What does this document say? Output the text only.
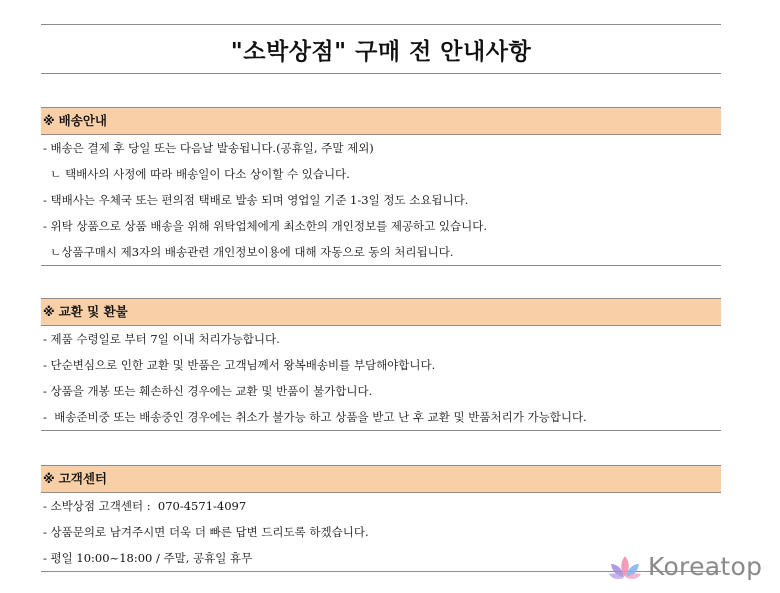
"소박상점" 구매 전 안내사항
※ 배송안내
- 배송은 결제 후 당일 또는 다음날 발송됩니다.(공휴일, 주말 제외)
ㄴ 택배사의 사정에 따라 배송일이 다소 상이할 수 있습니다.
- 택배사는 우체국 또는 편의점 택배로 발송 되며 영업일 기준 1-3일 정도 소요됩니다.
- 위탁 상품으로 상품 배송을 위해 위탁업체에게 최소한의 개인정보를 제공하고 있습니다.
ㄴ상품구매시 제3자의 배송관련 개인정보이용에 대해 자동으로 동의 처리됩니다.
※ 교환 및 환불
- 제품 수령일로 부터 7일 이내 처리가능합니다.
- 단순변심으로 인한 교환 및 반품은 고객님께서 왕복배송비를 부담해야합니다.
- 상품을 개봉 또는 훼손하신 경우에는 교환 및 반품이 불가합니다.
-  배송준비중 또는 배송중인 경우에는 취소가 불가능 하고 상품을 받고 난 후 교환 및 반품처리가 가능합니다.
※ 고객센터
- 소박상점 고객센터 :  070-4571-4097
- 상품문의로 남겨주시면 더욱 더 빠른 답변 드리도록 하겠습니다.
- 평일 10:00~18:00 / 주말, 공휴일 휴무	Koreatop
